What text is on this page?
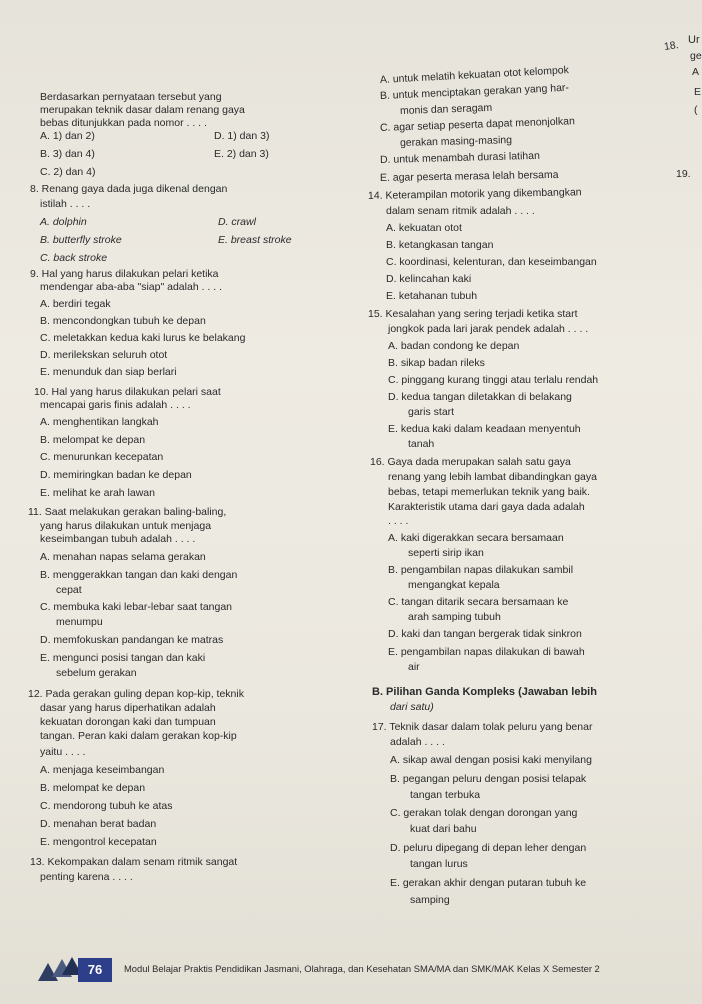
18. Ur
ge
A
E
(
19.
Berdasarkan pernyataan tersebut yang
merupakan teknik dasar dalam renang gaya
bebas ditunjukkan pada nomor . . . .
A. 1) dan 2)	D. 1) dan 3)
B. 3) dan 4)	E. 2) dan 3)
C. 2) dan 4)
8. Renang gaya dada juga dikenal dengan
istilah . . . .
A. dolphin	D. crawl
B. butterfly stroke	E. breast stroke
C. back stroke
9. Hal yang harus dilakukan pelari ketika
mendengar aba-aba "siap" adalah . . . .
A. berdiri tegak
B. mencondongkan tubuh ke depan
C. meletakkan kedua kaki lurus ke belakang
D. merilekskan seluruh otot
E. menunduk dan siap berlari
10. Hal yang harus dilakukan pelari saat
mencapai garis finis adalah . . . .
A. menghentikan langkah
B. melompat ke depan
C. menurunkan kecepatan
D. memiringkan badan ke depan
E. melihat ke arah lawan
11. Saat melakukan gerakan baling-baling,
yang harus dilakukan untuk menjaga
keseimbangan tubuh adalah . . . .
A. menahan napas selama gerakan
B. menggerakkan tangan dan kaki dengan
cepat
C. membuka kaki lebar-lebar saat tangan
menumpu
D. memfokuskan pandangan ke matras
E. mengunci posisi tangan dan kaki
sebelum gerakan
12. Pada gerakan guling depan kop-kip, teknik
dasar yang harus diperhatikan adalah
kekuatan dorongan kaki dan tumpuan
tangan. Peran kaki dalam gerakan kop-kip
yaitu . . . .
A. menjaga keseimbangan
B. melompat ke depan
C. mendorong tubuh ke atas
D. menahan berat badan
E. mengontrol kecepatan
13. Kekompakan dalam senam ritmik sangat
penting karena . . . .
A. untuk melatih kekuatan otot kelompok
B. untuk menciptakan gerakan yang har-
monis dan seragam
C. agar setiap peserta dapat menonjolkan
gerakan masing-masing
D. untuk menambah durasi latihan
E. agar peserta merasa lelah bersama
14. Keterampilan motorik yang dikembangkan
dalam senam ritmik adalah . . . .
A. kekuatan otot
B. ketangkasan tangan
C. koordinasi, kelenturan, dan keseimbangan
D. kelincahan kaki
E. ketahanan tubuh
15. Kesalahan yang sering terjadi ketika start
jongkok pada lari jarak pendek adalah . . . .
A. badan condong ke depan
B. sikap badan rileks
C. pinggang kurang tinggi atau terlalu rendah
D. kedua tangan diletakkan di belakang
garis start
E. kedua kaki dalam keadaan menyentuh
tanah
16. Gaya dada merupakan salah satu gaya
renang yang lebih lambat dibandingkan gaya
bebas, tetapi memerlukan teknik yang baik.
Karakteristik utama dari gaya dada adalah
. . . .
A. kaki digerakkan secara bersamaan
seperti sirip ikan
B. pengambilan napas dilakukan sambil
mengangkat kepala
C. tangan ditarik secara bersamaan ke
arah samping tubuh
D. kaki dan tangan bergerak tidak sinkron
E. pengambilan napas dilakukan di bawah
air
B. Pilihan Ganda Kompleks (Jawaban lebih
dari satu)
17. Teknik dasar dalam tolak peluru yang benar
adalah . . . .
A. sikap awal dengan posisi kaki menyilang
B. pegangan peluru dengan posisi telapak
tangan terbuka
C. gerakan tolak dengan dorongan yang
kuat dari bahu
D. peluru dipegang di depan leher dengan
tangan lurus
E. gerakan akhir dengan putaran tubuh ke
samping
76	Modul Belajar Praktis Pendidikan Jasmani, Olahraga, dan Kesehatan SMA/MA dan SMK/MAK Kelas X Semester 2
